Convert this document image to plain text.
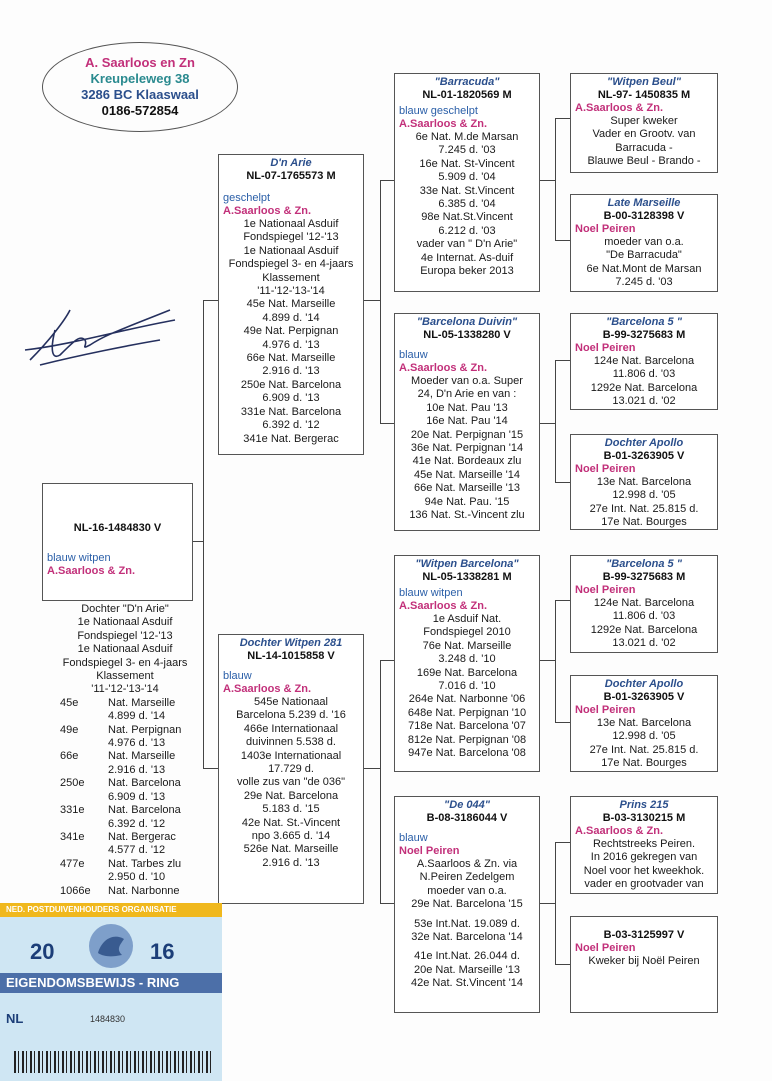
A. Saarloos en Zn
Kreupeleweg 38
3286 BC Klaaswaal
0186-572854
NL-16-1484830 V
blauw witpen
A.Saarloos & Zn.
Dochter "D'n Arie"
1e Nationaal Asduif
Fondspiegel '12-'13
1e Nationaal Asduif
Fondspiegel 3- en 4-jaars
Klassement
'11-'12-'13-'14
45e	Nat. Marseille
4.899 d. '14
49e	Nat. Perpignan
4.976 d. '13
66e	Nat. Marseille
2.916 d. '13
250e	Nat. Barcelona
6.909 d. '13
331e	Nat. Barcelona
6.392 d. '12
341e	Nat. Bergerac
4.577 d. '12
477e	Nat. Tarbes zlu
2.950 d. '10
1066e	Nat. Narbonne
D'n Arie
NL-07-1765573 M
geschelpt
A.Saarloos & Zn.
1e Nationaal Asduif
Fondspiegel '12-'13
1e Nationaal Asduif
Fondspiegel 3- en 4-jaars
Klassement
'11-'12-'13-'14
45e Nat. Marseille
4.899 d. '14
49e Nat. Perpignan
4.976 d. '13
66e Nat. Marseille
2.916 d. '13
250e Nat. Barcelona
6.909 d. '13
331e Nat. Barcelona
6.392 d. '12
341e Nat. Bergerac
Dochter Witpen 281
NL-14-1015858 V
blauw
A.Saarloos & Zn.
545e Nationaal
Barcelona 5.239 d. '16
466e Internationaal
duivinnen 5.538 d.
1403e Internationaal
17.729 d.
volle zus van "de 036"
29e Nat. Barcelona
5.183 d. '15
42e Nat. St.-Vincent
npo 3.665 d. '14
526e Nat. Marseille
2.916 d. '13
"Barracuda"
NL-01-1820569 M
blauw geschelpt
A.Saarloos & Zn.
6e Nat. M.de Marsan
7.245 d. '03
16e Nat. St-Vincent
5.909 d. '04
33e Nat. St.Vincent
6.385 d. '04
98e Nat.St.Vincent
6.212 d. '03
vader van " D'n Arie"
4e Internat. As-duif
Europa beker 2013
"Barcelona Duivin"
NL-05-1338280 V
blauw
A.Saarloos & Zn.
Moeder van o.a. Super
24, D'n Arie en van :
10e Nat. Pau '13
16e Nat. Pau '14
20e Nat. Perpignan '15
36e Nat. Perpignan '14
41e Nat. Bordeaux zlu
45e Nat. Marseille '14
66e Nat. Marseille '13
94e Nat. Pau. '15
136 Nat. St.-Vincent zlu
"Witpen Barcelona"
NL-05-1338281 M
blauw witpen
A.Saarloos & Zn.
1e Asduif Nat.
Fondspiegel 2010
76e Nat. Marseille
3.248 d. '10
169e Nat. Barcelona
7.016 d. '10
264e Nat. Narbonne '06
648e Nat. Perpignan '10
718e Nat. Barcelona '07
812e Nat. Perpignan '08
947e Nat. Barcelona '08
"De 044"
B-08-3186044 V
blauw
Noel Peiren
A.Saarloos & Zn. via
N.Peiren Zedelgem
moeder van o.a.
29e Nat. Barcelona '15
53e Int.Nat. 19.089 d.
32e Nat. Barcelona '14
41e Int.Nat. 26.044 d.
20e Nat. Marseille '13
42e Nat. St.Vincent '14
"Witpen Beul"
NL-97- 1450835 M
A.Saarloos & Zn.
Super kweker
Vader en Grootv. van
Barracuda -
Blauwe Beul - Brando -
Late Marseille
B-00-3128398 V
Noel Peiren
moeder van o.a.
"De Barracuda"
6e Nat.Mont de Marsan
7.245 d. '03
"Barcelona 5 "
B-99-3275683 M
Noel Peiren
124e Nat. Barcelona
11.806 d. '03
1292e Nat. Barcelona
13.021 d. '02
Dochter Apollo
B-01-3263905 V
Noel Peiren
13e Nat. Barcelona
12.998 d. '05
27e Int. Nat. 25.815 d.
17e Nat. Bourges
"Barcelona 5 "
B-99-3275683 M
Noel Peiren
124e Nat. Barcelona
11.806 d. '03
1292e Nat. Barcelona
13.021 d. '02
Dochter Apollo
B-01-3263905 V
Noel Peiren
13e Nat. Barcelona
12.998 d. '05
27e Int. Nat. 25.815 d.
17e Nat. Bourges
Prins 215
B-03-3130215 M
A.Saarloos & Zn.
Rechtstreeks Peiren.
In 2016 gekregen van
Noel voor het kweekhok.
vader en grootvader van
B-03-3125997 V
Noel Peiren
Kweker bij Noël Peiren
NED. POSTDUIVENHOUDERS ORGANISATIE
20	16
EIGENDOMSBEWIJS - RING
NL	1484830
